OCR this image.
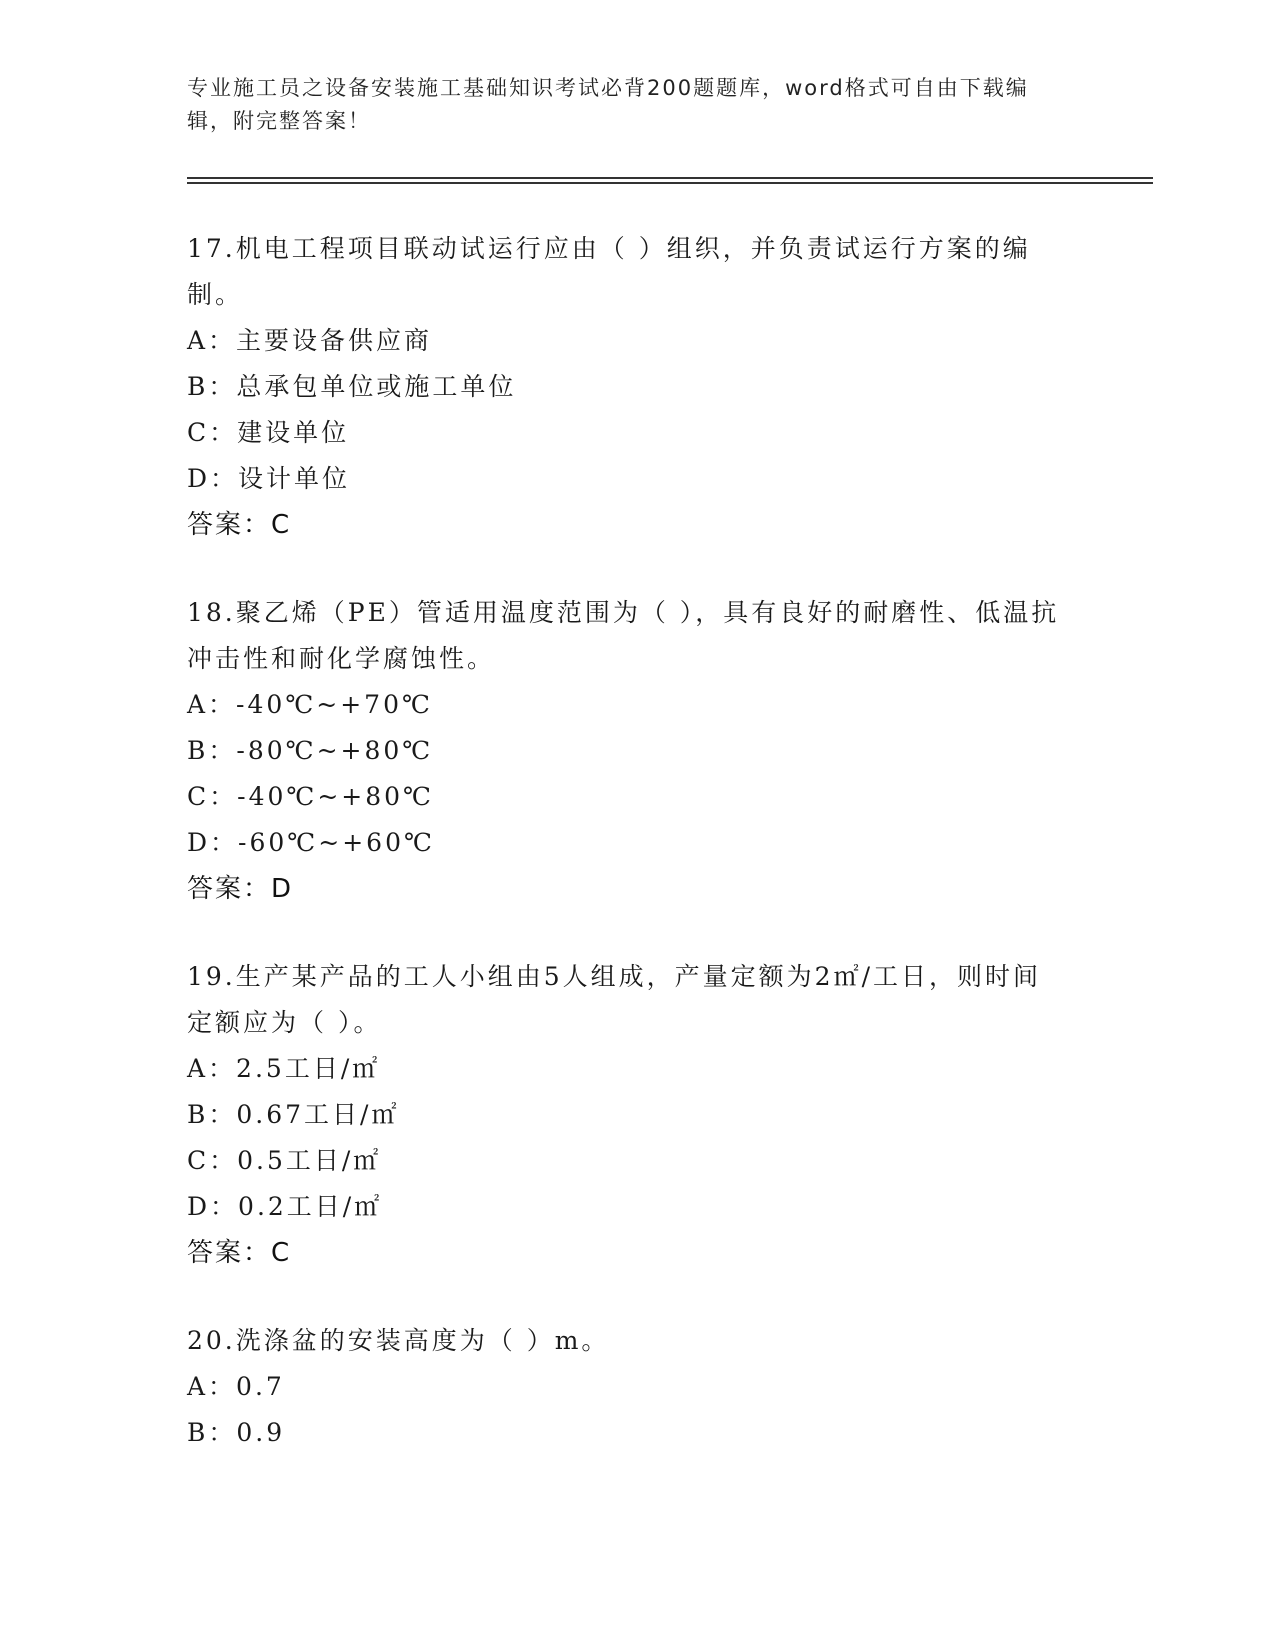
专业施工员之设备安装施工基础知识考试必背200题题库，word格式可自由下载编辑，附完整答案！

17.机电工程项目联动试运行应由（ ）组织，并负责试运行方案的编制。

A：主要设备供应商

B：总承包单位或施工单位

C：建设单位

D：设计单位

答案：C

18.聚乙烯（PE）管适用温度范围为（ ），具有良好的耐磨性、低温抗冲击性和耐化学腐蚀性。

A：-40℃~+70℃

B：-80℃~+80℃

C：-40℃~+80℃

D：-60℃~+60℃

答案：D

19.生产某产品的工人小组由5人组成，产量定额为2㎡/工日，则时间定额应为（ ）。

A：2.5工日/㎡

B：0.67工日/㎡

C：0.5工日/㎡

D：0.2工日/㎡

答案：C

20.洗涤盆的安装高度为（ ）m。

A：0.7

B：0.9
